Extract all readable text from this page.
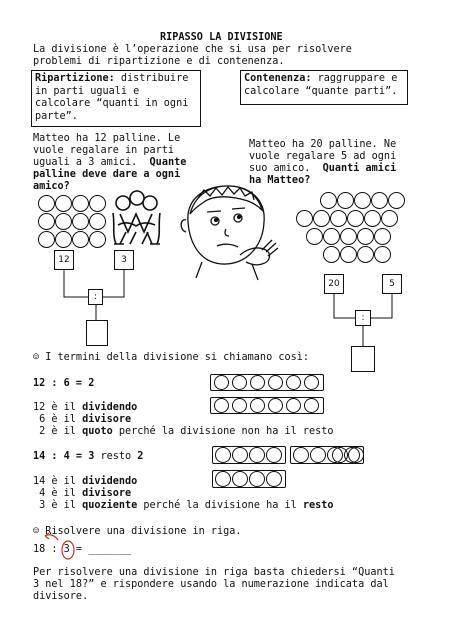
RIPASSO LA DIVISIONE
La divisione è l’operazione che si usa per risolvere
problemi di ripartizione e di contenenza.
Ripartizione: distribuire
in parti uguali e
calcolare “quanti in ogni
parte”.
Contenenza: raggruppare e
calcolare “quante parti”.
Matteo ha 12 palline. Le
vuole regalare in parti
uguali a 3 amici.  Quante
palline deve dare a ogni
amico?
Matteo ha 20 palline. Ne
vuole regalare 5 ad ogni
suo amico.  Quanti amici
ha Matteo?
12	3
:
20	5
:
☺ I termini della divisione si chiamano così:
12 : 6 = 2
12 è il dividendo
6 è il divisore
2 è il quoto perché la divisione non ha il resto
14 : 4 = 3 resto 2
14 è il dividendo
4 è il divisore
3 è il quoziente perché la divisione ha il resto
☺ Risolvere una divisione in riga.
18 : 3 = _______
Per risolvere una divisione in riga basta chiedersi “Quanti
3 nel 18?” e rispondere usando la numerazione indicata dal
divisore.
